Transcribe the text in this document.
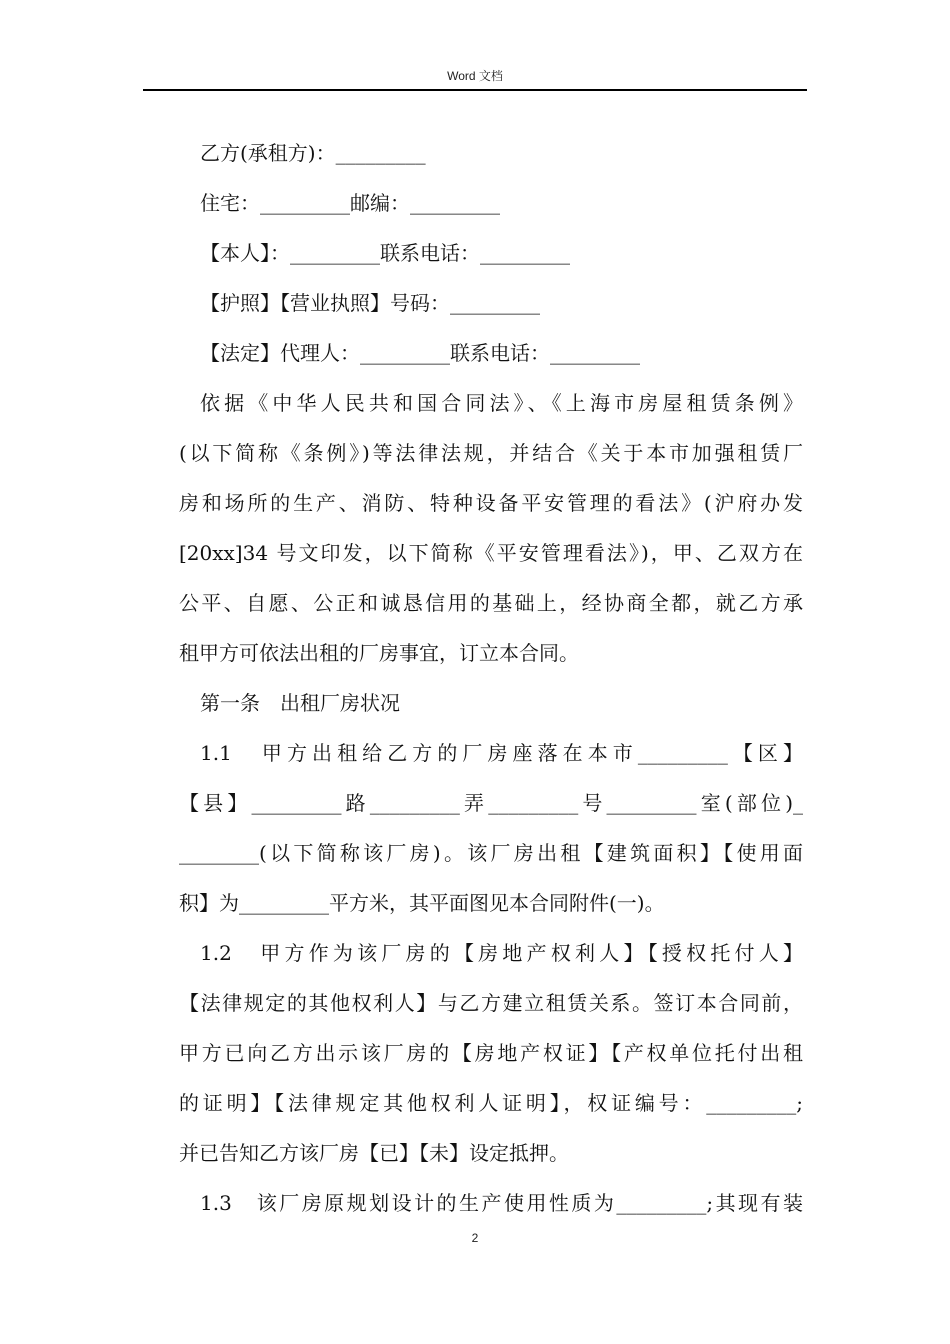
Word 文档
乙方(承租方)：_________
住宅：_________邮编：_________
【本人】：_________联系电话：_________
【护照】【营业执照】号码：_________
【法定】代理人：_________联系电话：_________
依据《中华人民共和国合同法》、《上海市房屋租赁条例》
(以下简称《条例》)等法律法规，并结合《关于本市加强租赁厂
房和场所的生产、消防、特种设备平安管理的看法》(沪府办发
[20xx]34 号文印发，以下简称《平安管理看法》)，甲、乙双方在
公平、自愿、公正和诚恳信用的基础上，经协商全都，就乙方承
租甲方可依法出租的厂房事宜，订立本合同。
第一条　出租厂房状况
1.1　甲方出租给乙方的厂房座落在本市_________【区】
【县】_________路_________弄_________号_________室(部位)_
________(以下简称该厂房)。该厂房出租【建筑面积】【使用面
积】为_________平方米，其平面图见本合同附件(一)。
1.2　甲方作为该厂房的【房地产权利人】【授权托付人】
【法律规定的其他权利人】与乙方建立租赁关系。签订本合同前，
甲方已向乙方出示该厂房的【房地产权证】【产权单位托付出租
的证明】【法律规定其他权利人证明】，权证编号：_________;
并已告知乙方该厂房【已】【未】设定抵押。
1.3　该厂房原规划设计的生产使用性质为_________;其现有装
2
